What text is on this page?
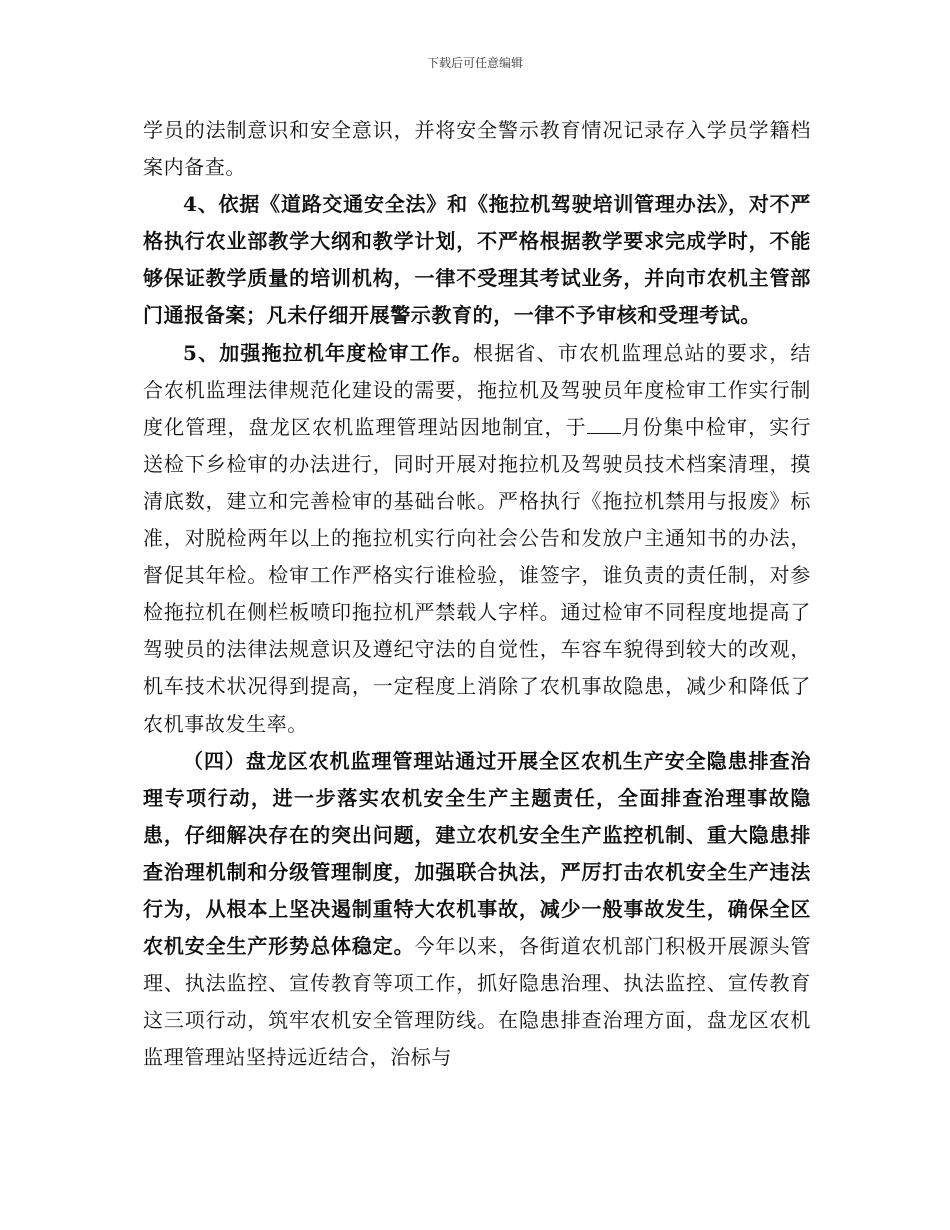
下载后可任意编辑

学员的法制意识和安全意识，并将安全警示教育情况记录存入学员学籍档案内备查。

4、依据《道路交通安全法》和《拖拉机驾驶培训管理办法》，对不严格执行农业部教学大纲和教学计划，不严格根据教学要求完成学时，不能够保证教学质量的培训机构，一律不受理其考试业务，并向市农机主管部门通报备案；凡未仔细开展警示教育的，一律不予审核和受理考试。

5、加强拖拉机年度检审工作。根据省、市农机监理总站的要求，结合农机监理法律规范化建设的需要，拖拉机及驾驶员年度检审工作实行制度化管理，盘龙区农机监理管理站因地制宜，于 月份集中检审，实行送检下乡检审的办法进行，同时开展对拖拉机及驾驶员技术档案清理，摸清底数，建立和完善检审的基础台帐。严格执行《拖拉机禁用与报废》标准，对脱检两年以上的拖拉机实行向社会公告和发放户主通知书的办法，督促其年检。检审工作严格实行谁检验，谁签字，谁负责的责任制，对参检拖拉机在侧栏板喷印拖拉机严禁载人字样。通过检审不同程度地提高了驾驶员的法律法规意识及遵纪守法的自觉性，车容车貌得到较大的改观，机车技术状况得到提高，一定程度上消除了农机事故隐患，减少和降低了农机事故发生率。

（四）盘龙区农机监理管理站通过开展全区农机生产安全隐患排查治理专项行动，进一步落实农机安全生产主题责任，全面排查治理事故隐患，仔细解决存在的突出问题，建立农机安全生产监控机制、重大隐患排查治理机制和分级管理制度，加强联合执法，严厉打击农机安全生产违法行为，从根本上坚决遏制重特大农机事故，减少一般事故发生，确保全区农机安全生产形势总体稳定。今年以来，各街道农机部门积极开展源头管理、执法监控、宣传教育等项工作，抓好隐患治理、执法监控、宣传教育这三项行动，筑牢农机安全管理防线。在隐患排查治理方面，盘龙区农机监理管理站坚持远近结合，治标与
